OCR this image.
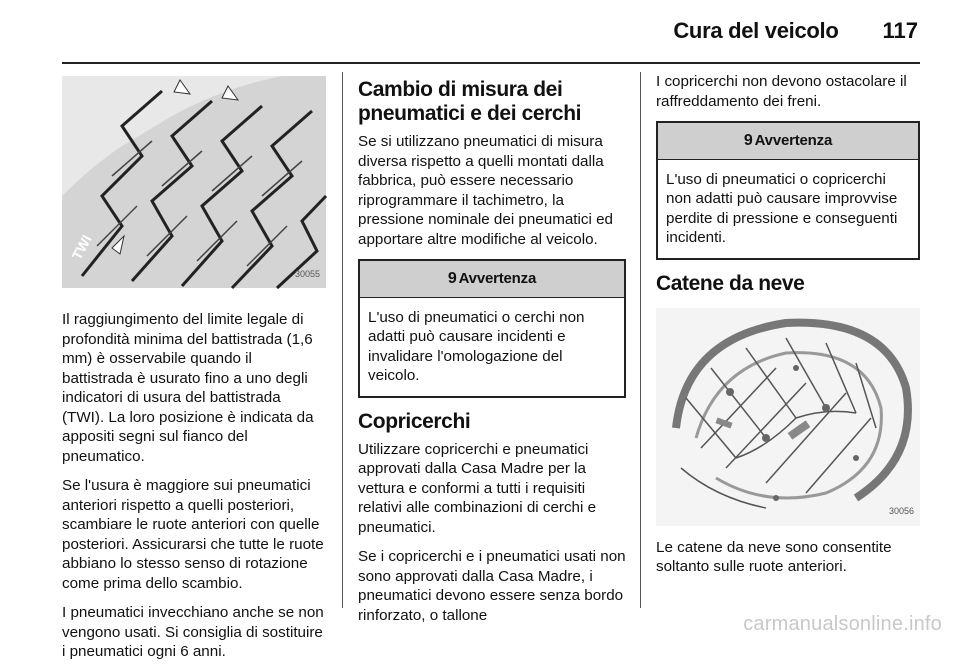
Cura del veicolo 117
TWI
30055

Il raggiungimento del limite legale di profondità minima del battistrada (1,6 mm) è osservabile quando il battistrada è usurato fino a uno degli indicatori di usura del battistrada (TWI). La loro posizione è indicata da appositi segni sul fianco del pneumatico.

Se l'usura è maggiore sui pneumatici anteriori rispetto a quelli posteriori, scambiare le ruote anteriori con quelle posteriori. Assicurarsi che tutte le ruote abbiano lo stesso senso di rotazione come prima dello scambio.

I pneumatici invecchiano anche se non vengono usati. Si consiglia di sostituire i pneumatici ogni 6 anni.

Cambio di misura dei pneumatici e dei cerchi

Se si utilizzano pneumatici di misura diversa rispetto a quelli montati dalla fabbrica, può essere necessario riprogrammare il tachimetro, la pressione nominale dei pneumatici ed apportare altre modifiche al veicolo.

9 Avvertenza
L'uso di pneumatici o cerchi non adatti può causare incidenti e invalidare l'omologazione del veicolo.
Copricerchi

Utilizzare copricerchi e pneumatici approvati dalla Casa Madre per la vettura e conformi a tutti i requisiti relativi alle combinazioni di cerchi e pneumatici.

Se i copricerchi e i pneumatici usati non sono approvati dalla Casa Madre, i pneumatici devono essere senza bordo rinforzato, o tallone

I copricerchi non devono ostacolare il raffreddamento dei freni.

9 Avvertenza
L'uso di pneumatici o copricerchi non adatti può causare improvvise perdite di pressione e conseguenti incidenti.
Catene da neve
30056

Le catene da neve sono consentite soltanto sulle ruote anteriori.

carmanualsonline.info
